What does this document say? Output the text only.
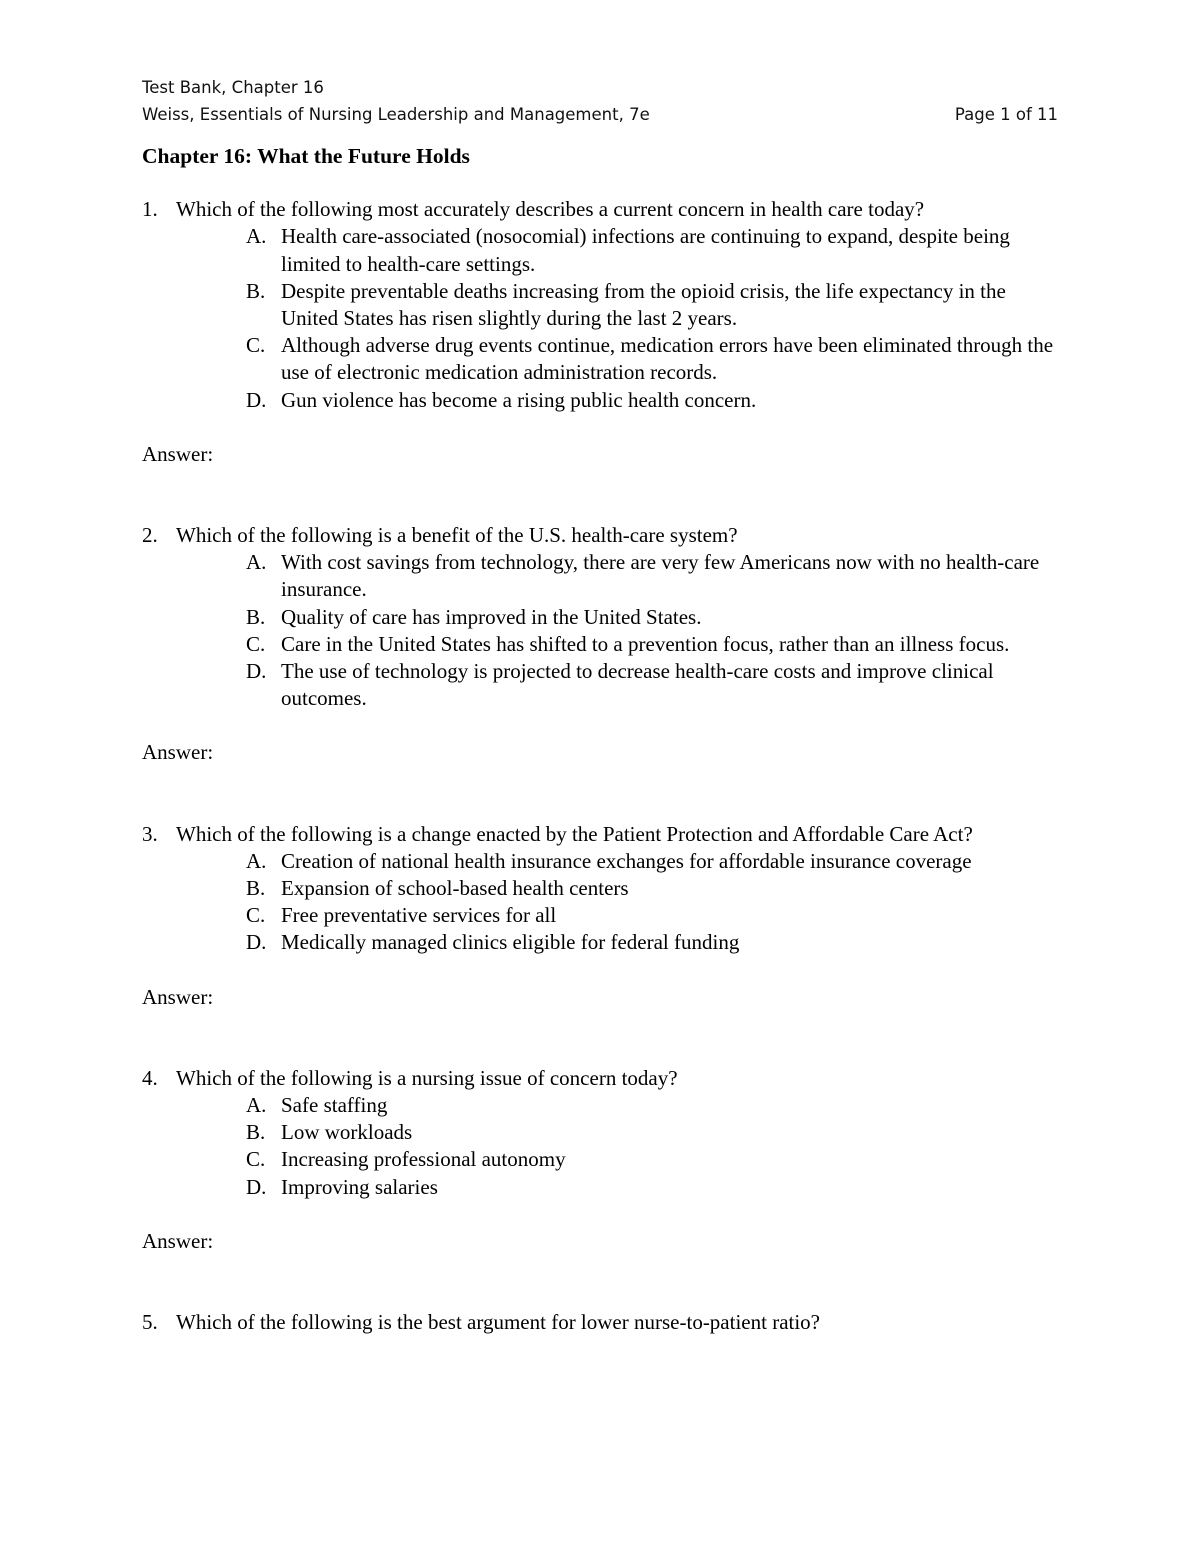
Test Bank, Chapter 16
Weiss, Essentials of Nursing Leadership and Management, 7e	Page 1 of 11
Chapter 16: What the Future Holds
1. Which of the following most accurately describes a current concern in health care today?
A. Health care-associated (nosocomial) infections are continuing to expand, despite being limited to health-care settings.
B. Despite preventable deaths increasing from the opioid crisis, the life expectancy in the United States has risen slightly during the last 2 years.
C. Although adverse drug events continue, medication errors have been eliminated through the use of electronic medication administration records.
D. Gun violence has become a rising public health concern.
Answer:
2. Which of the following is a benefit of the U.S. health-care system?
A. With cost savings from technology, there are very few Americans now with no health-care insurance.
B. Quality of care has improved in the United States.
C. Care in the United States has shifted to a prevention focus, rather than an illness focus.
D. The use of technology is projected to decrease health-care costs and improve clinical outcomes.
Answer:
3. Which of the following is a change enacted by the Patient Protection and Affordable Care Act?
A. Creation of national health insurance exchanges for affordable insurance coverage
B. Expansion of school-based health centers
C. Free preventative services for all
D. Medically managed clinics eligible for federal funding
Answer:
4. Which of the following is a nursing issue of concern today?
A. Safe staffing
B. Low workloads
C. Increasing professional autonomy
D. Improving salaries
Answer:
5. Which of the following is the best argument for lower nurse-to-patient ratio?
